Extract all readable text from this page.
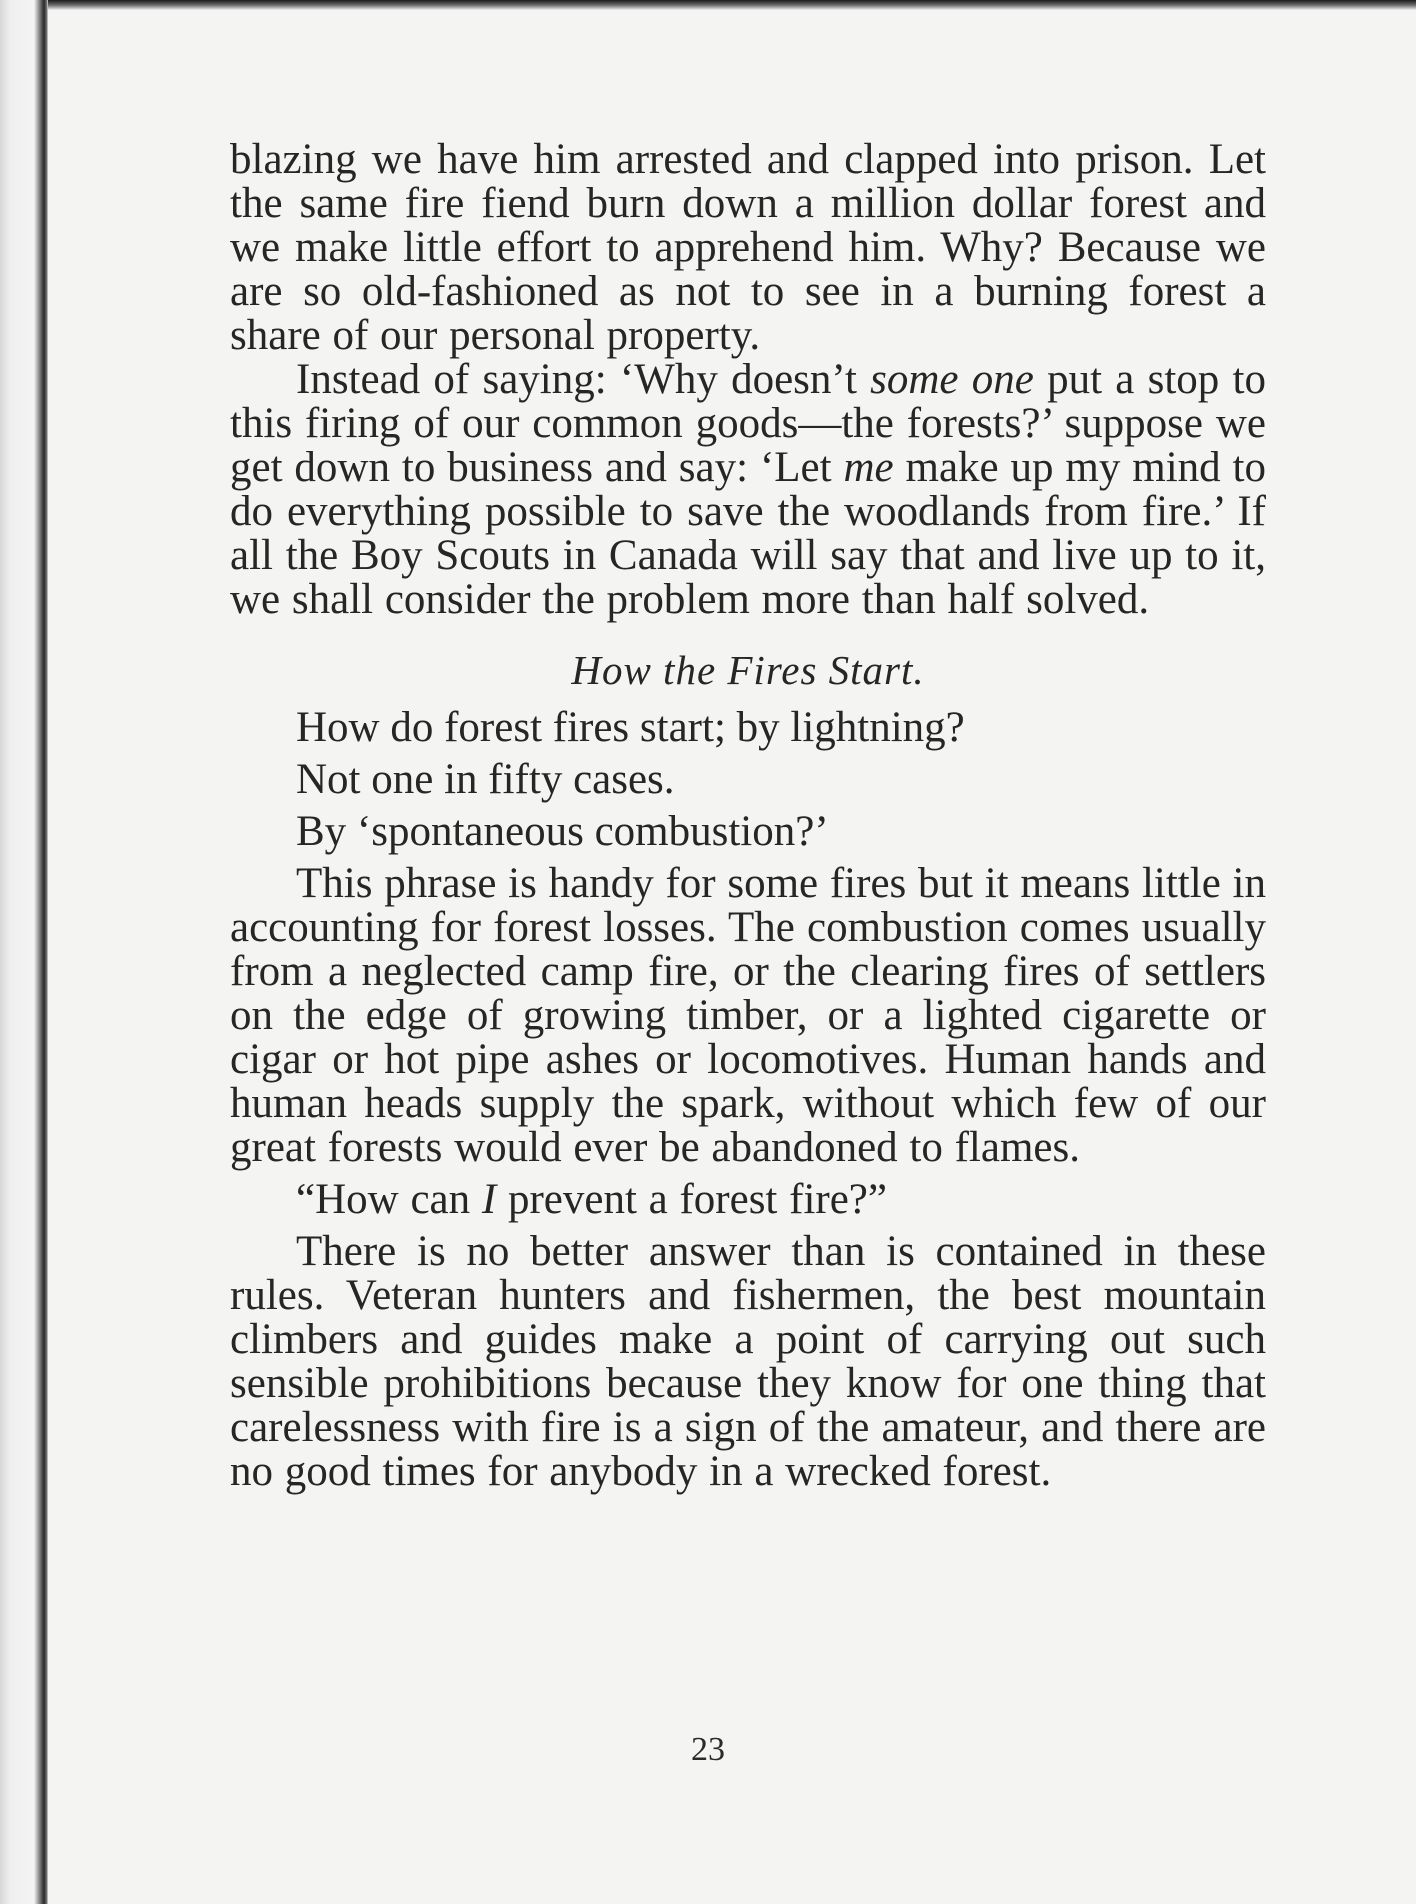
blazing we have him arrested and clapped into prison. Let the same fire fiend burn down a million dollar forest and we make little effort to apprehend him. Why? Because we are so old-fashioned as not to see in a burning forest a share of our personal property.

Instead of saying: ‘Why doesn’t some one put a stop to this firing of our common goods—the forests?’ suppose we get down to business and say: ‘Let me make up my mind to do everything possible to save the woodlands from fire.’ If all the Boy Scouts in Canada will say that and live up to it, we shall consider the problem more than half solved.

How the Fires Start.

How do forest fires start; by lightning?

Not one in fifty cases.

By ‘spontaneous combustion?’

This phrase is handy for some fires but it means little in accounting for forest losses. The combustion comes usually from a neglected camp fire, or the clearing fires of settlers on the edge of growing timber, or a lighted cigarette or cigar or hot pipe ashes or locomotives. Human hands and human heads supply the spark, without which few of our great forests would ever be abandoned to flames.

“How can I prevent a forest fire?”

There is no better answer than is contained in these rules. Veteran hunters and fishermen, the best mountain climbers and guides make a point of carrying out such sensible prohibitions because they know for one thing that carelessness with fire is a sign of the amateur, and there are no good times for anybody in a wrecked forest.

23
